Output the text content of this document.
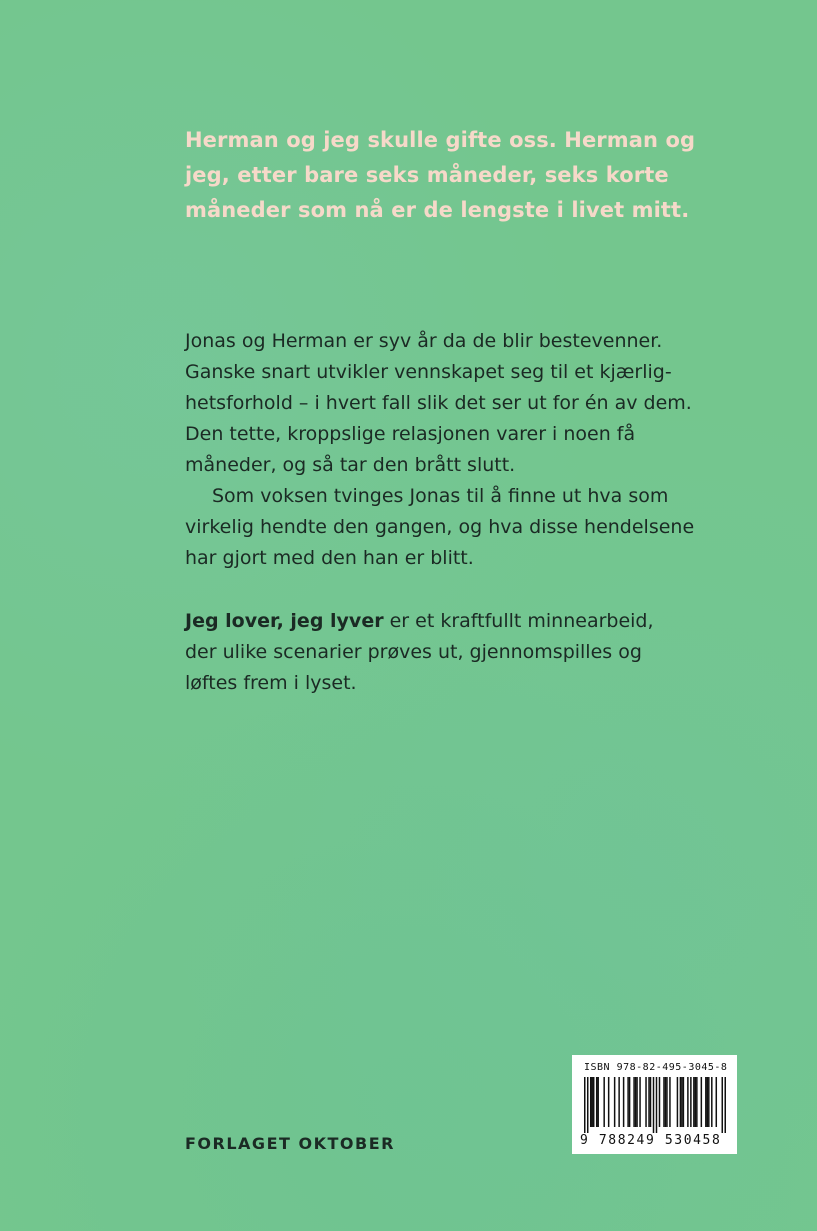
Herman og jeg skulle gifte oss. Herman og
jeg, etter bare seks måneder, seks korte
måneder som nå er de lengste i livet mitt.

Jonas og Herman er syv år da de blir bestevenner.

Ganske snart utvikler vennskapet seg til et kjærlig-

hetsforhold – i hvert fall slik det ser ut for én av dem.

Den tette, kroppslige relasjonen varer i noen få

måneder, og så tar den brått slutt.

Som voksen tvinges Jonas til å finne ut hva som

virkelig hendte den gangen, og hva disse hendelsene

har gjort med den han er blitt.

Jeg lover, jeg lyver er et kraftfullt minnearbeid,

der ulike scenarier prøves ut, gjennomspilles og

løftes frem i lyset.

FORLAGET OKTOBER
ISBN 978-82-495-3045-8
9 788249 530458
